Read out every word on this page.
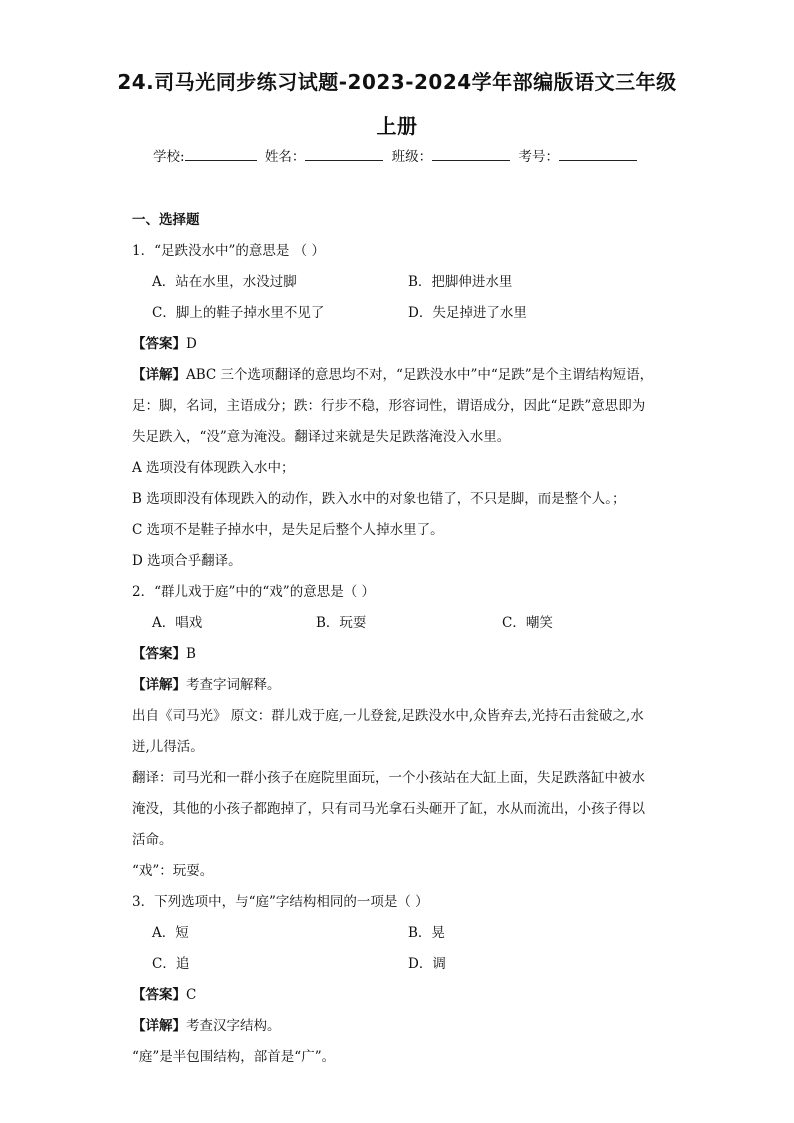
24.司马光同步练习试题-2023-2024学年部编版语文三年级
上册
学校:	姓名：	班级：	考号：

一、选择题

1．“足跌没水中”的意思是 （ ）

A．站在水里，水没过脚	B．把脚伸进水里
C．脚上的鞋子掉水里不见了	D．失足掉进了水里

【答案】D

【详解】ABC 三个选项翻译的意思均不对，“足跌没水中”中“足跌”是个主谓结构短语，

足：脚，名词，主语成分；跌：行步不稳，形容词性，谓语成分，因此“足跌”意思即为

失足跌入，“没”意为淹没。翻译过来就是失足跌落淹没入水里。

A 选项没有体现跌入水中；

B 选项即没有体现跌入的动作，跌入水中的对象也错了，不只是脚，而是整个人。；

C 选项不是鞋子掉水中，是失足后整个人掉水里了。

D 选项合乎翻译。

2．“群儿戏于庭”中的“戏”的意思是（ ）

A．唱戏	B．玩耍	C．嘲笑

【答案】B

【详解】考查字词解释。

出自《司马光》 原文：群儿戏于庭,一儿登瓮,足跌没水中,众皆弃去,光持石击瓮破之,水

迸,儿得活。

翻译：司马光和一群小孩子在庭院里面玩，一个小孩站在大缸上面，失足跌落缸中被水

淹没，其他的小孩子都跑掉了，只有司马光拿石头砸开了缸，水从而流出，小孩子得以

活命。

“戏”：玩耍。

3．下列选项中，与“庭”字结构相同的一项是（ ）

A．短	B．晃
C．追	D．调

【答案】C

【详解】考查汉字结构。

“庭”是半包围结构，部首是“广”。
